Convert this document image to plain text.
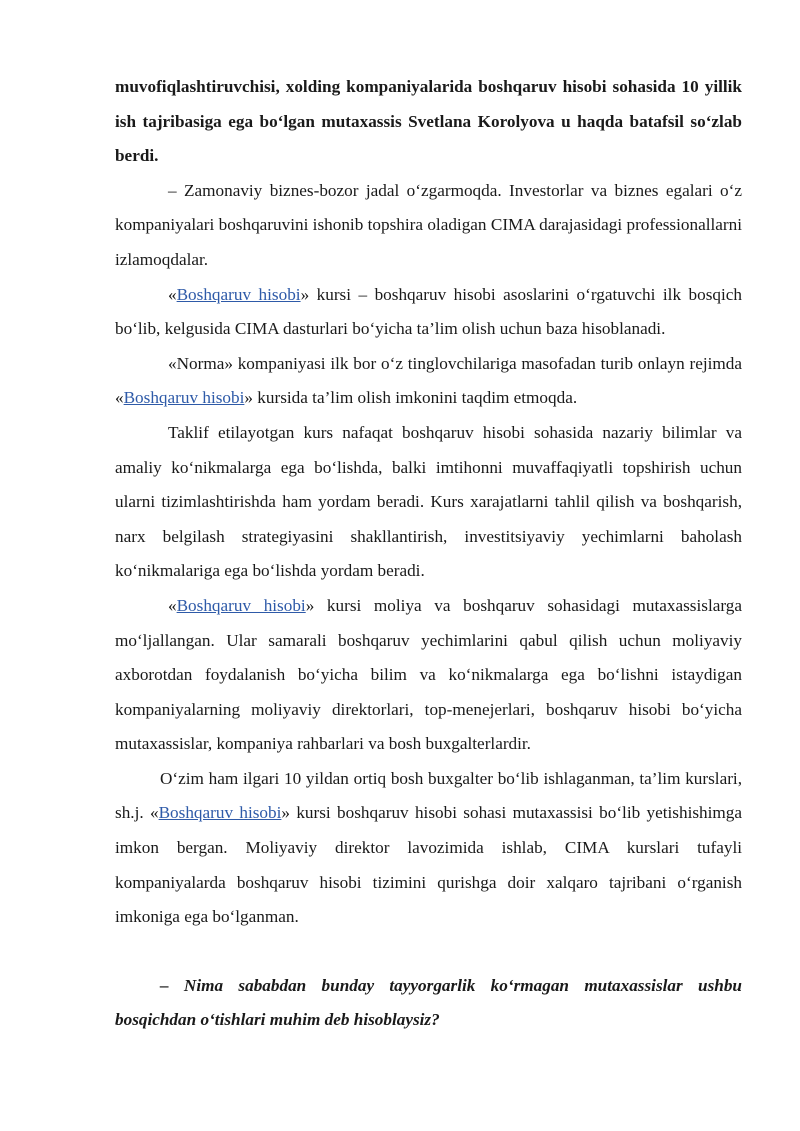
muvofiqlashtiruvchisi, xolding kompaniyalarida boshqaruv hisobi sohasida 10 yillik ish tajribasiga ega bo‘lgan mutaxassis Svetlana Korolyova u haqda batafsil so‘zlab berdi.

– Zamonaviy biznes-bozor jadal o‘zgarmoqda. Investorlar va biznes egalari o‘z kompaniyalari boshqaruvini ishonib topshira oladigan CIMA darajasidagi professionallarni izlamoqdalar.

«Boshqaruv hisobi» kursi – boshqaruv hisobi asoslarini o‘rgatuvchi ilk bosqich bo‘lib, kelgusida CIMA dasturlari bo‘yicha ta’lim olish uchun baza hisoblanadi.

«Norma» kompaniyasi ilk bor o‘z tinglovchilariga masofadan turib onlayn rejimda «Boshqaruv hisobi» kursida ta’lim olish imkonini taqdim etmoqda.

Taklif etilayotgan kurs nafaqat boshqaruv hisobi sohasida nazariy bilimlar va amaliy ko‘nikmalarga ega bo‘lishda, balki imtihonni muvaffaqiyatli topshirish uchun ularni tizimlashtirishda ham yordam beradi. Kurs xarajatlarni tahlil qilish va boshqarish, narx belgilash strategiyasini shakllantirish, investitsiyaviy yechimlarni baholash ko‘nikmalariga ega bo‘lishda yordam beradi.

«Boshqaruv hisobi» kursi moliya va boshqaruv sohasidagi mutaxassislarga mo‘ljallangan. Ular samarali boshqaruv yechimlarini qabul qilish uchun moliyaviy axborotdan foydalanish bo‘yicha bilim va ko‘nikmalarga ega bo‘lishni istaydigan kompaniyalarning moliyaviy direktorlari, top-menejerlari, boshqaruv hisobi bo‘yicha mutaxassislar, kompaniya rahbarlari va bosh buxgalterlardir.

O‘zim ham ilgari 10 yildan ortiq bosh buxgalter bo‘lib ishlaganman, ta’lim kurslari, sh.j. «Boshqaruv hisobi» kursi boshqaruv hisobi sohasi mutaxassisi bo‘lib yetishishimga imkon bergan. Moliyaviy direktor lavozimida ishlab, CIMA kurslari tufayli kompaniyalarda boshqaruv hisobi tizimini qurishga doir xalqaro tajribani o‘rganish imkoniga ega bo‘lganman.

– Nima sababdan bunday tayyorgarlik ko‘rmagan mutaxassislar ushbu bosqichdan o‘tishlari muhim deb hisoblaysiz?
